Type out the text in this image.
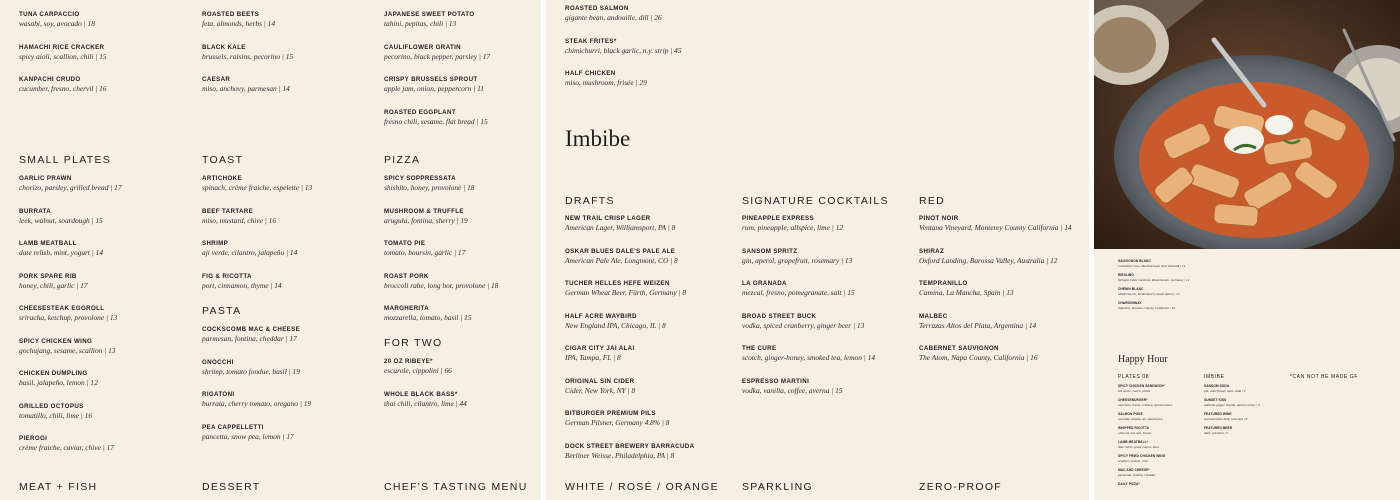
TUNA CARPACCIO
wasabi, soy, avocado | 18
HAMACHI RICE CRACKER
spicy aioli, scallion, chili | 15
KANPACHI CRUDO
cucumber, fresno, chervil | 16
ROASTED BEETS
feta, almonds, herbs | 14
BLACK KALE
brussels, raisins, pecorino | 15
CAESAR
miso, anchovy, parmesan | 14
JAPANESE SWEET POTATO
tahini, pepitas, chili | 13
CAULIFLOWER GRATIN
pecorino, black pepper, parsley | 17
CRISPY BRUSSELS SPROUT
apple jam, onion, peppercorn | 11
ROASTED EGGPLANT
fresno chili, sesame, flat bread | 15
SMALL PLATES	TOAST	PIZZA
GARLIC PRAWN
chorizo, parsley, grilled bread | 17
BURRATA
leek, walnut, sourdough | 15
LAMB MEATBALL
date relish, mint, yogurt | 14
PORK SPARE RIB
honey, chili, garlic | 17
CHEESESTEAK EGGROLL
sriracha, ketchup, provolone | 13
SPICY CHICKEN WING
gochujang, sesame, scallion | 13
CHICKEN DUMPLING
basil, jalapeño, lemon | 12
GRILLED OCTOPUS
tomatillo, chili, lime | 16
PIEROGI
crème fraiche, caviar, chive | 17
ARTICHOKE
spinach, crème fraiche, espelette | 13
BEEF TARTARE
miso, mustard, chive | 16
SHRIMP
aji verde, cilantro, jalapeño | 14
FIG & RICOTTA
port, cinnamon, thyme | 14
PASTA
COCKSCOMB MAC & CHEESE
parmesan, fontina, cheddar | 17
GNOCCHI
shrimp, tomato fondue, basil | 19
RIGATONI
burrata, cherry tomato, oregano | 19
PEA CAPPELLETTI
pancetta, snow pea, lemon | 17
SPICY SOPPRESSATA
shishito, honey, provolone | 18
MUSHROOM & TRUFFLE
arugula, fontina, sherry | 19
TOMATO PIE
tomato, boursin, garlic | 17
ROAST PORK
broccoli rabe, long hot, provolone | 18
MARGHERITA
mozzarella, tomato, basil | 15
FOR TWO
20 OZ RIBEYE*
escarole, cippolini | 66
WHOLE BLACK BASS*
thai chili, cilantro, lime | 44
MEAT + FISH	DESSERT	CHEF'S TASTING MENU
ROASTED SALMON
gigante bean, andouille, dill | 26
STEAK FRITES*
chimichurri, black garlic, n.y. strip | 45
HALF CHICKEN
miso, mushroom, frisée | 29
Imbibe
DRAFTS	SIGNATURE COCKTAILS	RED
NEW TRAIL CRISP LAGER
American Lager, Williamsport, PA | 8
OSKAR BLUES DALE'S PALE ALE
American Pale Ale, Longmont, CO | 8
TUCHER HELLES HEFE WEIZEN
German Wheat Beer, Fürth, Germany | 8
HALF ACRE WAYBIRD
New England IPA, Chicago, IL | 8
CIGAR CITY JAI ALAI
IPA, Tampa, FL | 8
ORIGINAL SIN CIDER
Cider, New York, NY | 8
BITBURGER PREMIUM PILS
German Pilsner, Germany 4.8% | 8
DOCK STREET BREWERY BARRACUDA
Berliner Weisse, Philadelphia, PA | 8
PINEAPPLE EXPRESS
rum, pineapple, allspice, lime | 12
SANSOM SPRITZ
gin, aperol, grapefruit, rosemary | 13
LA GRANADA
mezcal, fresno, pomegranate, salt | 15
BROAD STREET BUCK
vodka, spiced cranberry, ginger beer | 13
THE CURE
scotch, ginger-honey, smoked tea, lemon | 14
ESPRESSO MARTINI
vodka, vanilla, coffee, averna | 15
PINOT NOIR
Ventana Vineyard, Monterey County California | 14
SHIRAZ
Oxford Landing, Barossa Valley, Australia | 12
TEMPRANILLO
Camina, La Mancha, Spain | 13
MALBEC
Terrazas Altos del Plata, Argentina | 14
CABERNET SAUVIGNON
The Atom, Napa County, California | 16
WHITE / ROSÉ / ORANGE SPARKLING	ZERO-PROOF
SAUVIGNON BLANC
Cathedral Cove, Marlborough, New Zealand | 14
RIESLING
Weingut Louis Guntrum, Rheinhessen, Germany | 14
CHENIN BLANC
Mulderbosch, Stellenbosch, South Africa | 13
CHARDONNAY
Sophiero, Sonoma County, California | 16
Happy Hour
PLATES 08	IMBIBE	*CAN NOT BE MADE GF
SPICY CHICKEN SANDWICH*
hot sauce, ranch, pickle
CHEESEBURGER*
american cheese, iceberg, special sauce
SALMON POKE
avocado, sesame oil, wasabi pea
WHIPPED RICOTTA
olive oil, sea salt, bread
LAMB MEATBALL*
date relish, greek yogurt, mint
SPICY FRIED CHICKEN WING
scallion, sesame, chili
MAC AND CHEESE*
parmesan, fontina, cheddar
DAILY PIZZA*
SANSOM SODA
gin, elderflower, mint, soda | 9
SUNSET KISS
haitonia ginger tequila, aperol, honey | 9
FEATURED WINE
red and white daily selection | 8
FEATURED BEER
daily selection | 6
